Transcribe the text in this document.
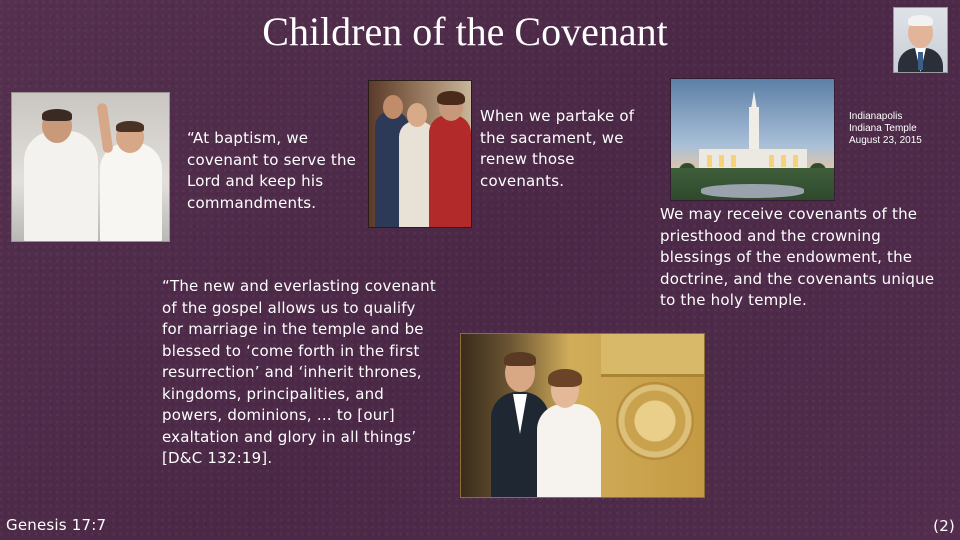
Children of the Covenant
“At baptism, we covenant to serve the Lord and keep his commandments.
When we partake of the sacrament, we renew those covenants.
Indianapolis
Indiana Temple
August 23, 2015
We may receive covenants of the priesthood and the crowning blessings of the endowment, the doctrine, and the covenants unique to the holy temple.
“The new and everlasting covenant of the gospel allows us to qualify for marriage in the temple and be blessed to ‘come forth in the first resurrection’ and ‘inherit thrones, kingdoms, principalities, and powers, dominions, … to [our] exaltation and glory in all things’ [D&C 132:19].
Genesis 17:7	(2)
